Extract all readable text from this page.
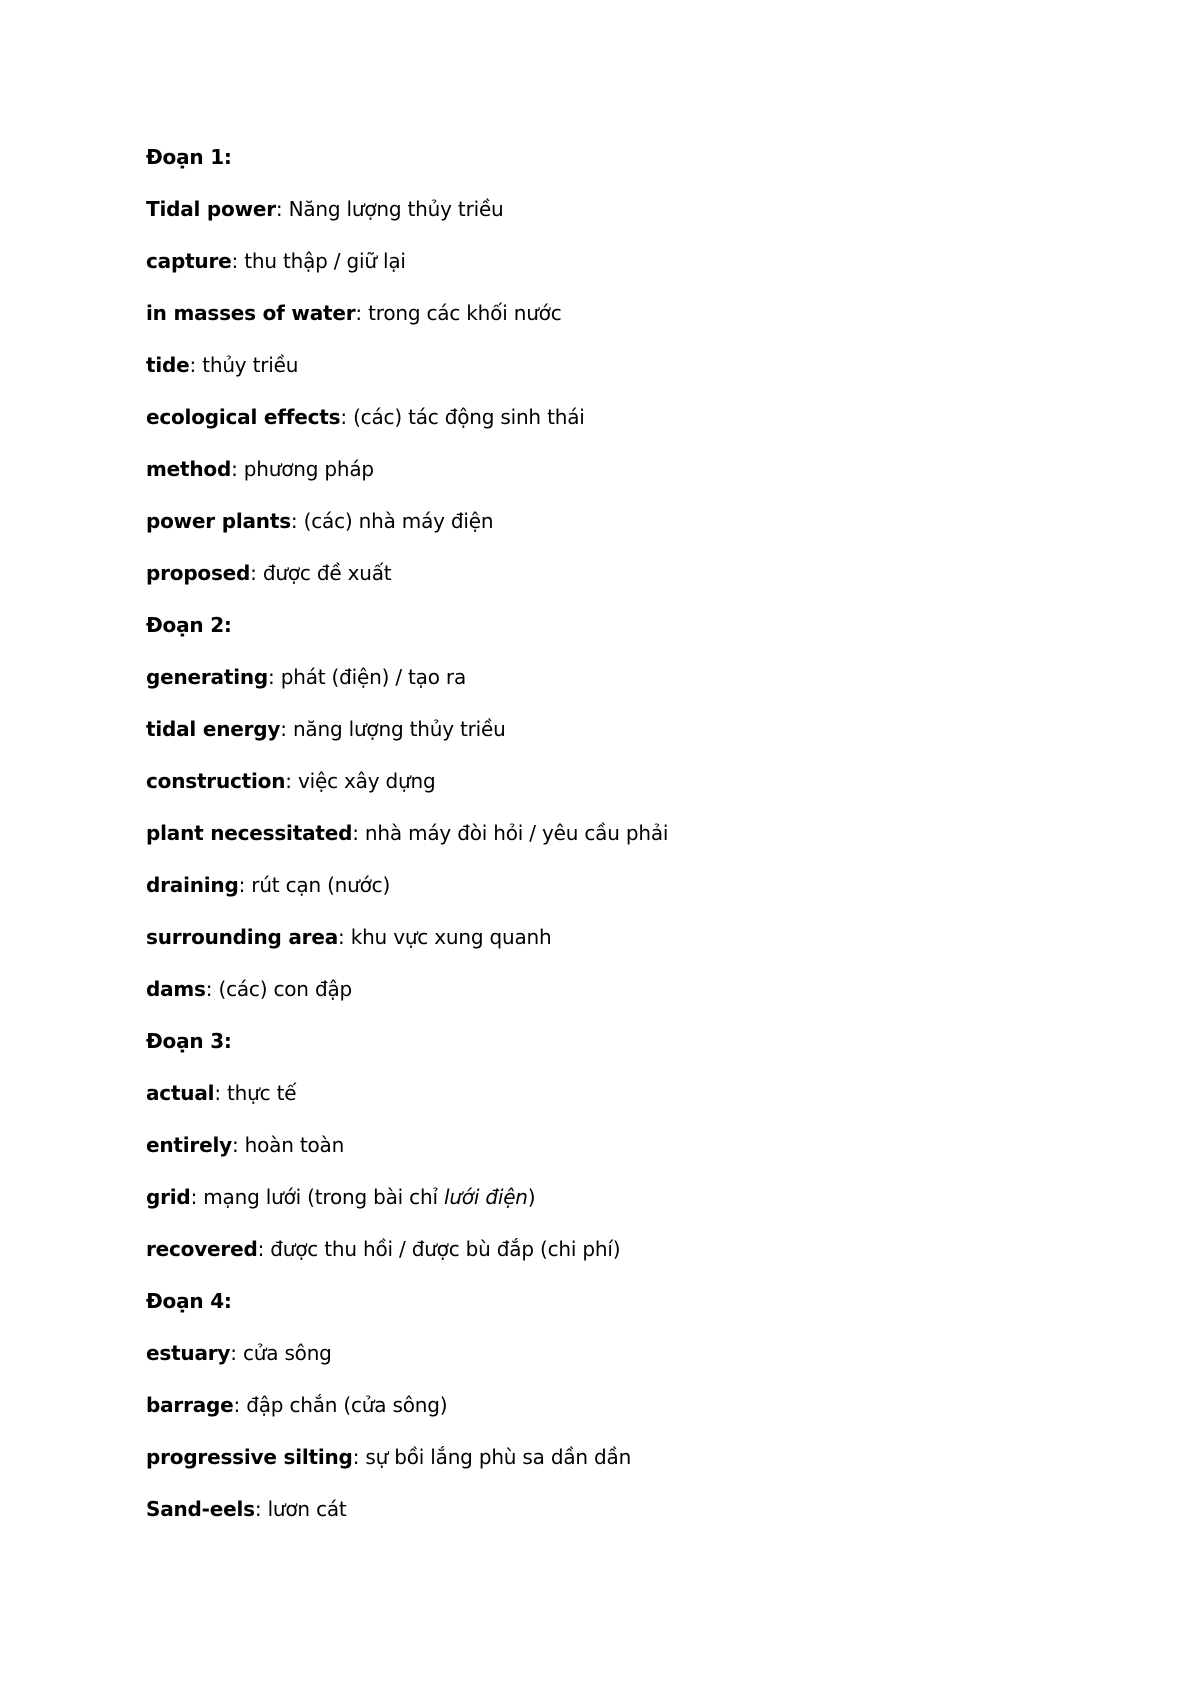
Đoạn 1:
Tidal power: Năng lượng thủy triều
capture: thu thập / giữ lại
in masses of water: trong các khối nước
tide: thủy triều
ecological effects: (các) tác động sinh thái
method: phương pháp
power plants: (các) nhà máy điện
proposed: được đề xuất
Đoạn 2:
generating: phát (điện) / tạo ra
tidal energy: năng lượng thủy triều
construction: việc xây dựng
plant necessitated: nhà máy đòi hỏi / yêu cầu phải
draining: rút cạn (nước)
surrounding area: khu vực xung quanh
dams: (các) con đập
Đoạn 3:
actual: thực tế
entirely: hoàn toàn
grid: mạng lưới (trong bài chỉ lưới điện)
recovered: được thu hồi / được bù đắp (chi phí)
Đoạn 4:
estuary: cửa sông
barrage: đập chắn (cửa sông)
progressive silting: sự bồi lắng phù sa dần dần
Sand-eels: lươn cát
